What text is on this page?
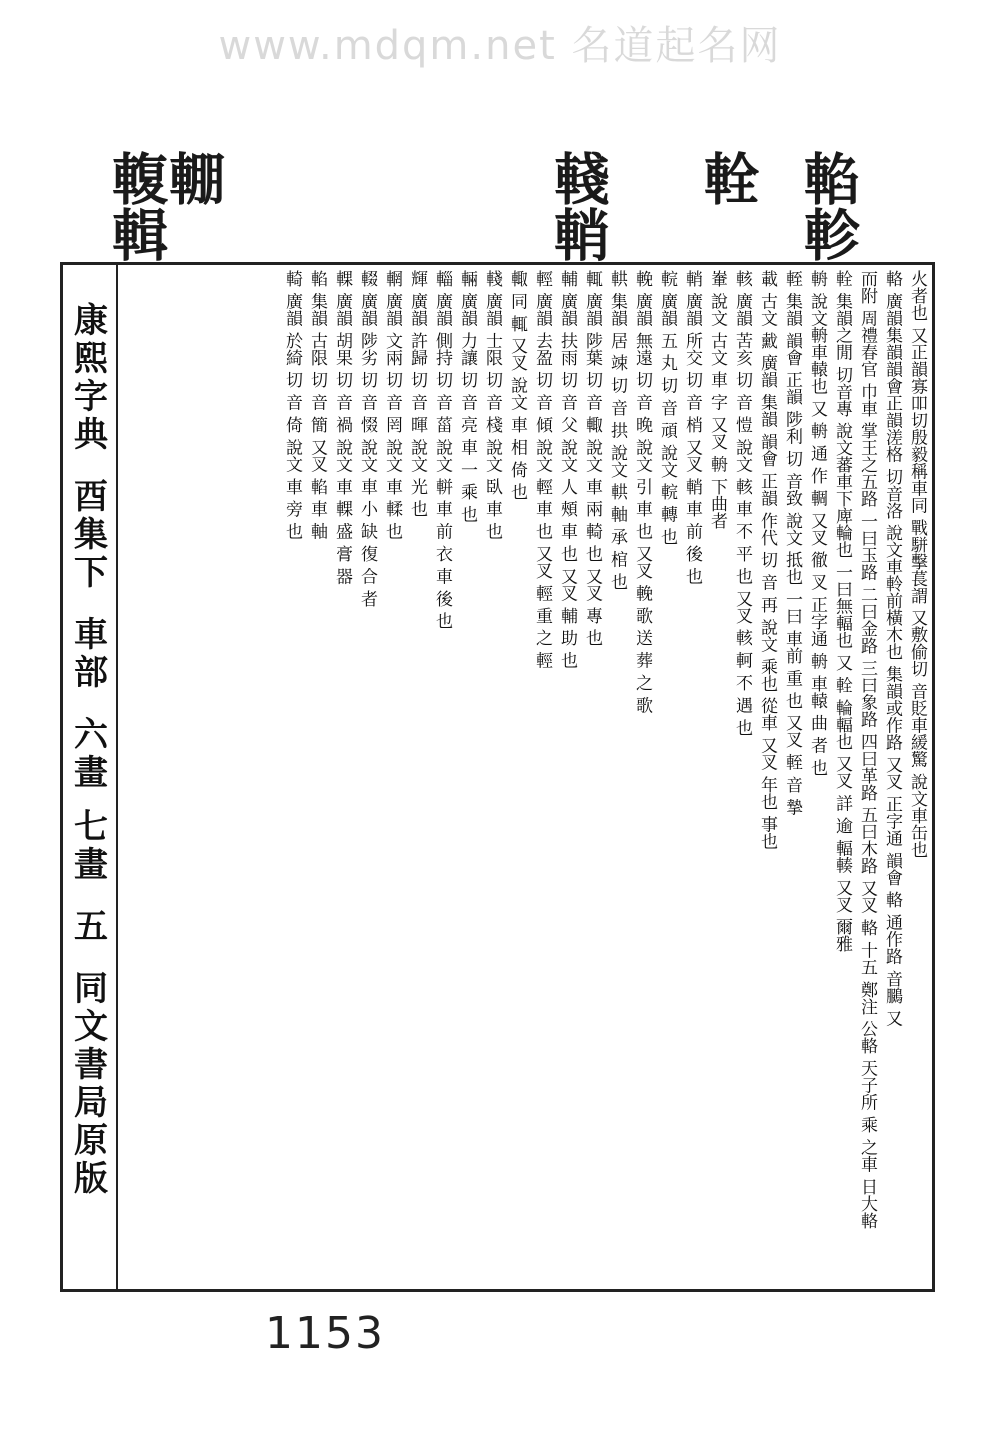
www.mdqm.net 名道起名网
輹輯
輣	輚輎 輇 輡軫
康熙字典
酉集下
車部
六畫 七畫
五
同文書局原版
火者也 又正韻寡吅切殷毅稱車同 戰駢擊萇謂 又敷偷切 音貶車緩驚 說文車缶也
輅 廣韻集韻韻會正韻溠格 切音洛 說文車軨前橫木也 集韻或作路 又叉 正字通 韻會 輅 通作路 音鵩 又
而附 周禮春官 巾車 掌王之五路 一曰玉路 二曰金路 三曰象路 四曰革路 五曰木路 又叉 輅 十五 鄭注 公輅 天子所 乘 之車 日大輅
輇 集韻之閒 切音專 說文蕃車下庳輪也 一曰無輻也 又 輇 輪輻也 又叉 詳 逾 輻輳 又叉 爾雅
輈 說文輈車轅也 又 輈 通 作 輖 又叉 徹 叉 正字通 輈 車轅 曲 者 也
輊 集韻 韻會 正韻 陟利 切 音致 說文 抵也 一曰 車前 重 也 又叉 輊 音 摯
載 古文 䵧 廣韻 集韻 韻會 正韻 作代 切 音 再 說文 乘也 從車 又叉 年也 事也
輆 廣韻 苦亥 切 音 愷 說文 輆 車 不 平 也 又叉 輆 軻 不 遇 也
輋 說文 古文 車 字 又叉 輈 下曲者
輎 廣韻 所交 切 音 梢 又叉 輎 車 前 後 也
輐 廣韻 五 丸 切 音 頑 說文 輐 轉 也
輓 廣韻 無遠 切 音 晚 說文 引 車 也 又叉 輓 歌 送 葬 之 歌
輁 集韻 居 竦 切 音 拱 說文 輁 軸 承 棺 也
輒 廣韻 陟葉 切 音 輙 說文 車 兩 輢 也 又叉 專 也
輔 廣韻 扶雨 切 音 父 說文 人 頰 車 也 又叉 輔 助 也
輕 廣韻 去盈 切 音 傾 說文 輕 車 也 又叉 輕 重 之 輕
輙 同 輒 又叉 說文 車 相 倚 也
輚 廣韻 士限 切 音 棧 說文 臥 車 也
輛 廣韻 力讓 切 音 亮 車 一 乘 也
輜 廣韻 側持 切 音 菑 說文 軿 車 前 衣 車 後 也
輝 廣韻 許歸 切 音 暉 說文 光 也
輞 廣韻 文兩 切 音 罔 說文 車 輮 也
輟 廣韻 陟劣 切 音 惙 說文 車 小 缺 復 合 者
輠 廣韻 胡果 切 音 禍 說文 車 輠 盛 膏 器
輡 集韻 古限 切 音 簡 又叉 輡 車 軸
輢 廣韻 於綺 切 音 倚 說文 車 旁 也
1153
